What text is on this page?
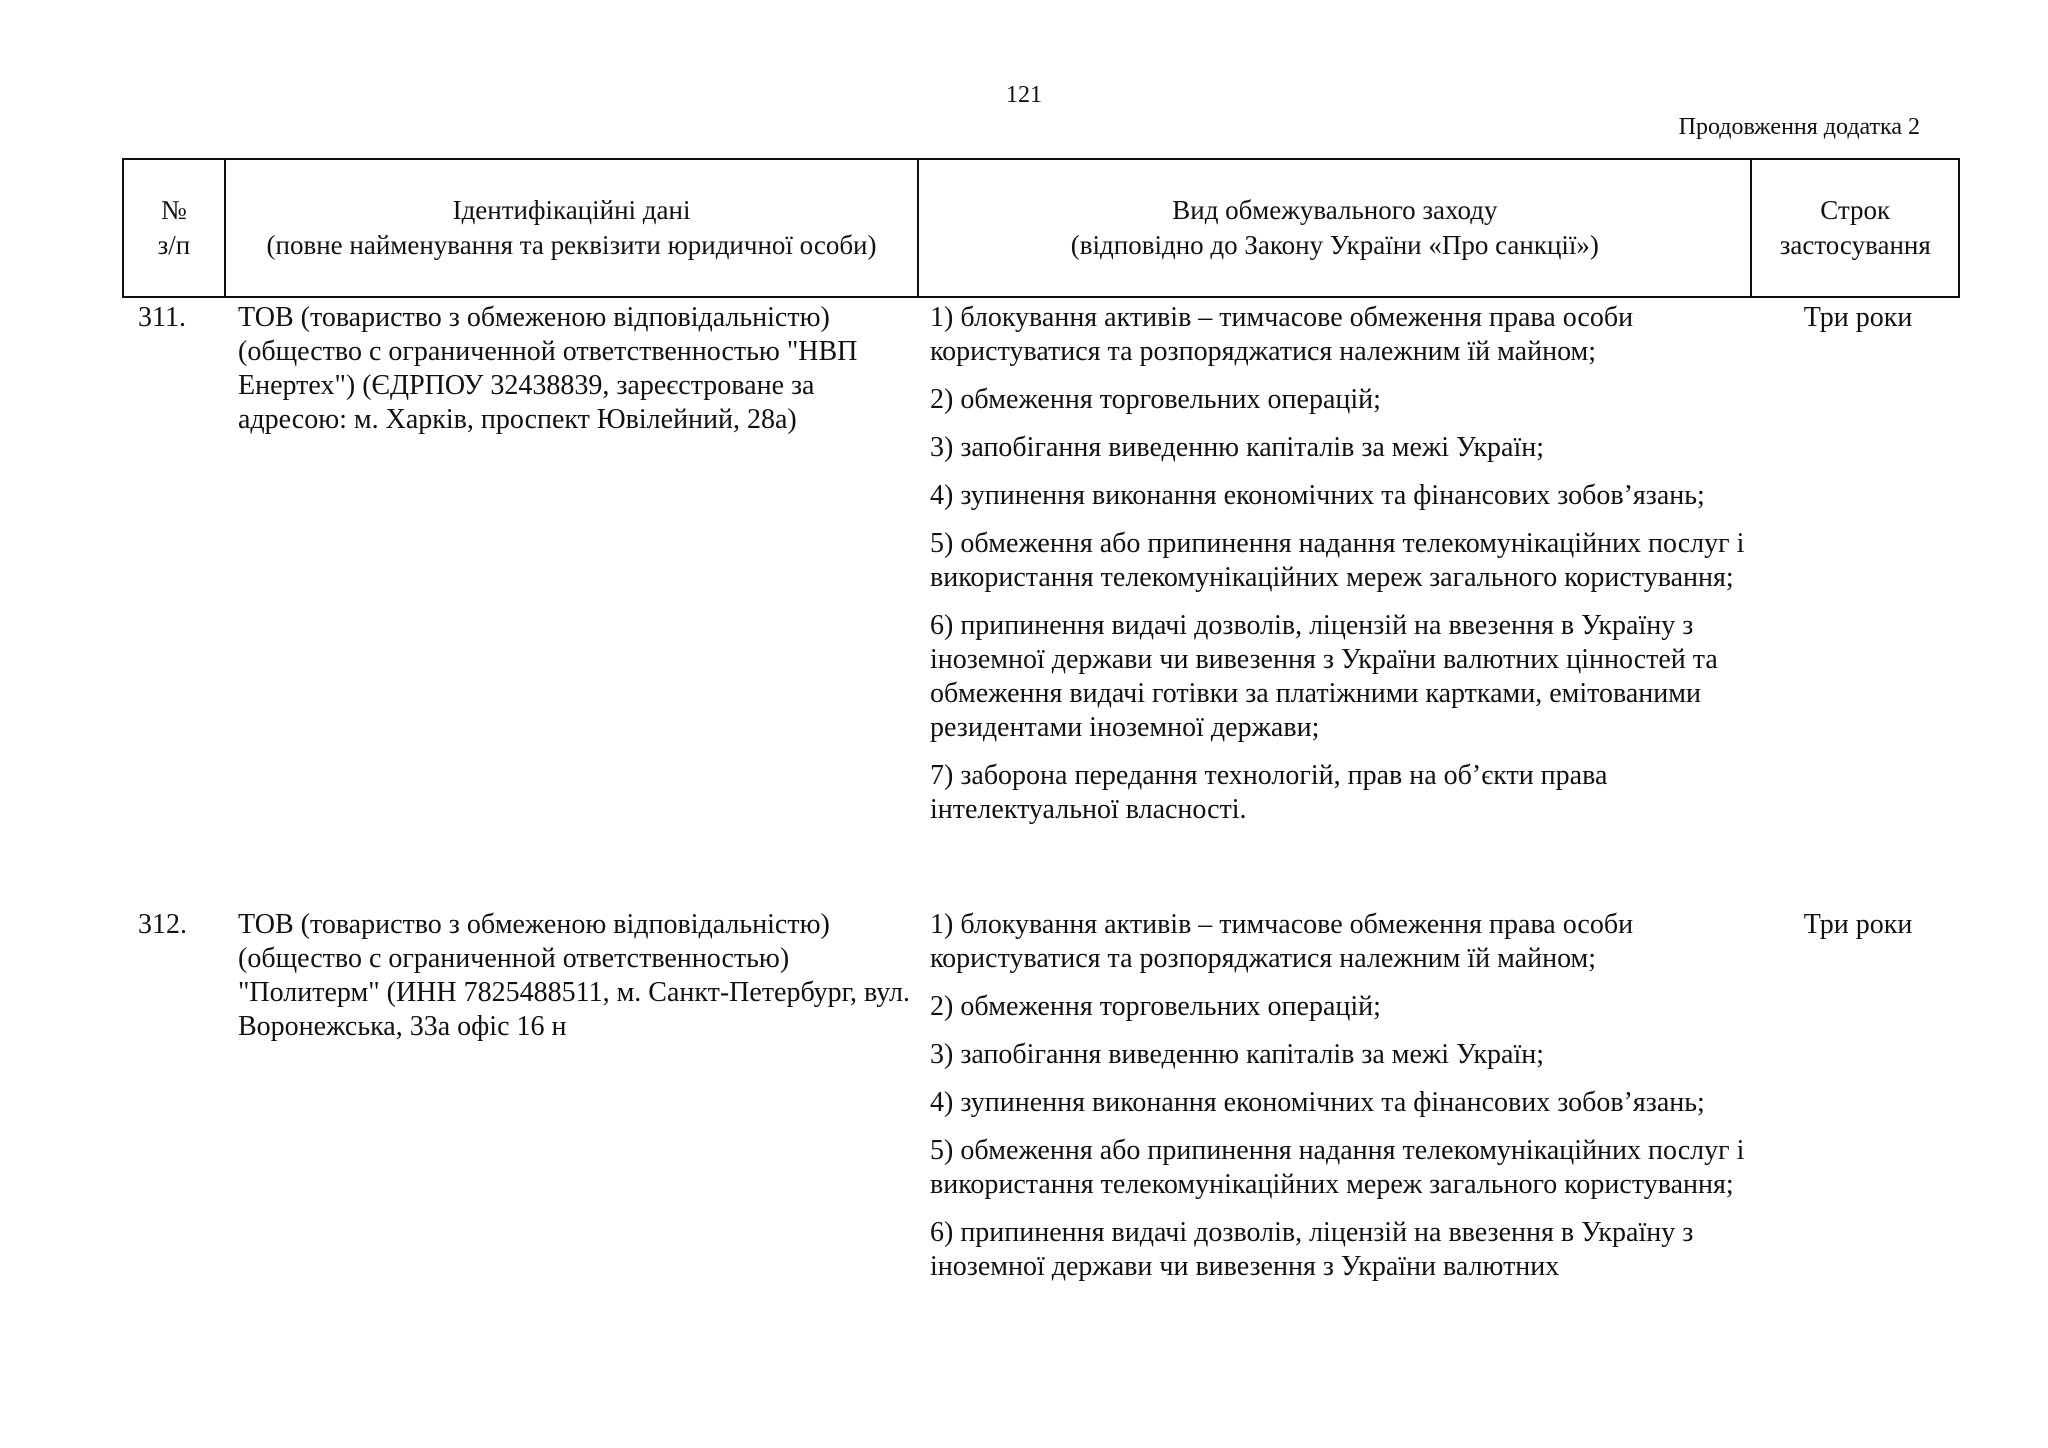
121
Продовження додатка 2
№
з/п
Ідентифікаційні дані
(повне найменування та реквізити юридичної особи)
Вид обмежувального заходу
(відповідно до Закону України «Про санкції»)
Строк
застосування
311.	ТОВ (товариство з обмеженою відповідальністю) (общество с ограниченной ответственностью "НВП Енертех") (ЄДРПОУ 32438839, зареєстроване за адресою: м. Харків, проспект Ювілейний, 28а)
1) блокування активів – тимчасове обмеження права особи користуватися та розпоряджатися належним їй майном;
2) обмеження торговельних операцій;
3) запобігання виведенню капіталів за межі Україн;
4) зупинення виконання економічних та фінансових зобов’язань;
5) обмеження або припинення надання телекомунікаційних послуг і використання телекомунікаційних мереж загального користування;
6) припинення видачі дозволів, ліцензій на ввезення в Україну з іноземної держави чи вивезення з України валютних цінностей та обмеження видачі готівки за платіжними картками, емітованими резидентами іноземної держави;
7) заборона передання технологій, прав на об’єкти права інтелектуальної власності.
Три роки
312.	ТОВ (товариство з обмеженою відповідальністю) (общество с ограниченной ответственностью) "Политерм" (ИНН 7825488511, м. Санкт-Петербург, вул. Воронежська, 33а офіс 16 н
1) блокування активів – тимчасове обмеження права особи користуватися та розпоряджатися належним їй майном;
2) обмеження торговельних операцій;
3) запобігання виведенню капіталів за межі Україн;
4) зупинення виконання економічних та фінансових зобов’язань;
5) обмеження або припинення надання телекомунікаційних послуг і використання телекомунікаційних мереж загального користування;
6) припинення видачі дозволів, ліцензій на ввезення в Україну з іноземної держави чи вивезення з України валютних
Три роки
